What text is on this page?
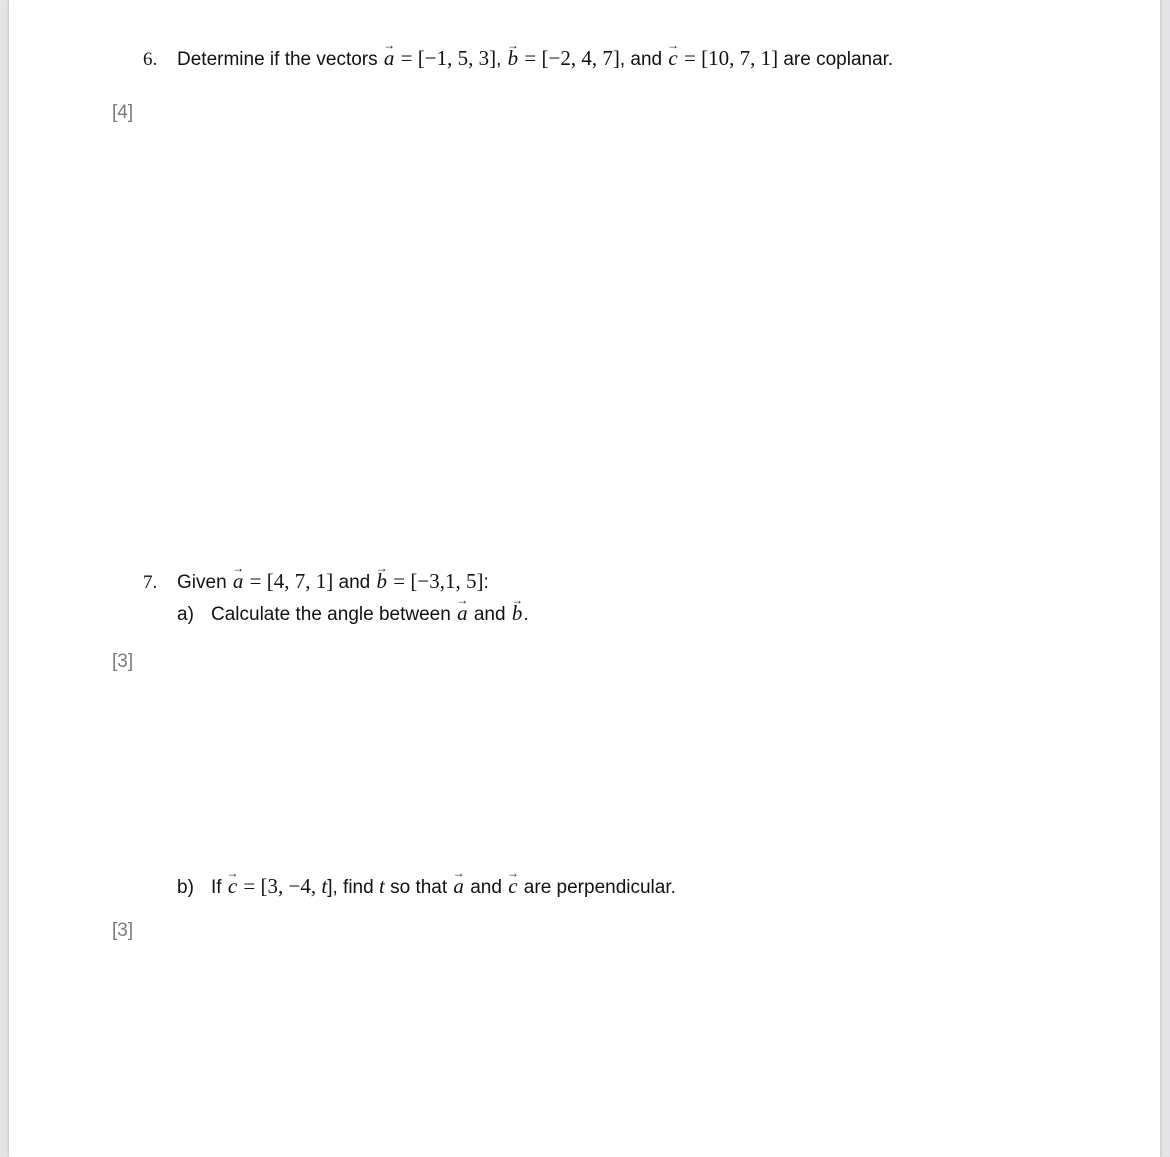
6. Determine if the vectors a → = [−1, 5, 3], b → = [−2, 4, 7], and c → = [10, 7, 1] are coplanar.
[4]
7. Given a → = [4, 7, 1] and b → = [−3,1, 5]:
a) Calculate the angle between a → and b →.
[3]
b) If c → = [3, −4, t], find t so that a → and c → are perpendicular.
[3]
